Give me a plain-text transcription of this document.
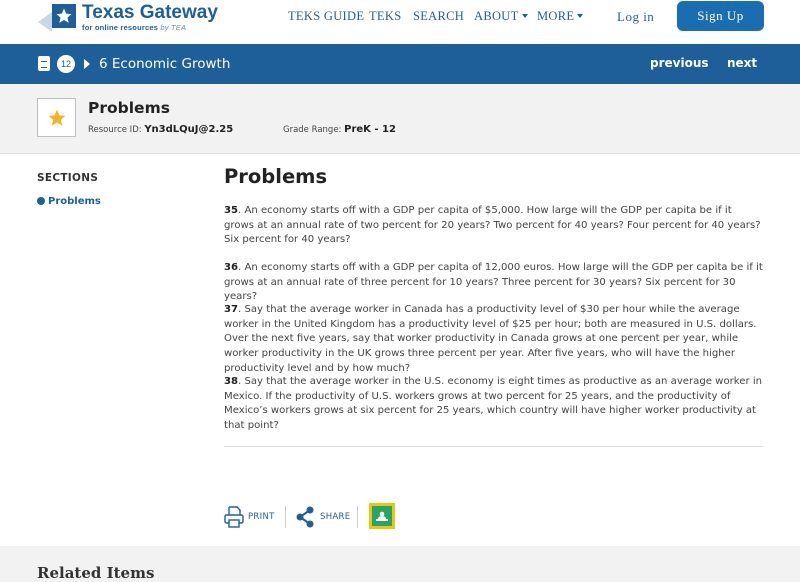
Texas Gateway
for online resources by TEA
TEKS GUIDE TEKS SEARCH ABOUT	MORE	Log in	Sign Up
12 6 Economic Growth	previous next
Problems
Resource ID: Yn3dLQuJ@2.25	Grade Range: PreK - 12
SECTIONS
Problems
Problems
35. An economy starts off with a GDP per capita of $5,000. How large will the GDP per capita be if it grows at an annual rate of two percent for 20 years? Two percent for 40 years? Four percent for 40 years? Six percent for 40 years?
36. An economy starts off with a GDP per capita of 12,000 euros. How large will the GDP per capita be if it grows at an annual rate of three percent for 10 years? Three percent for 30 years? Six percent for 30 years?
37. Say that the average worker in Canada has a productivity level of $30 per hour while the average worker in the United Kingdom has a productivity level of $25 per hour; both are measured in U.S. dollars. Over the next five years, say that worker productivity in Canada grows at one percent per year, while worker productivity in the UK grows three percent per year. After five years, who will have the higher productivity level and by how much?
38. Say that the average worker in the U.S. economy is eight times as productive as an average worker in Mexico. If the productivity of U.S. workers grows at two percent for 25 years, and the productivity of Mexico’s workers grows at six percent for 25 years, which country will have higher worker productivity at that point?
PRINT	SHARE
Related Items
